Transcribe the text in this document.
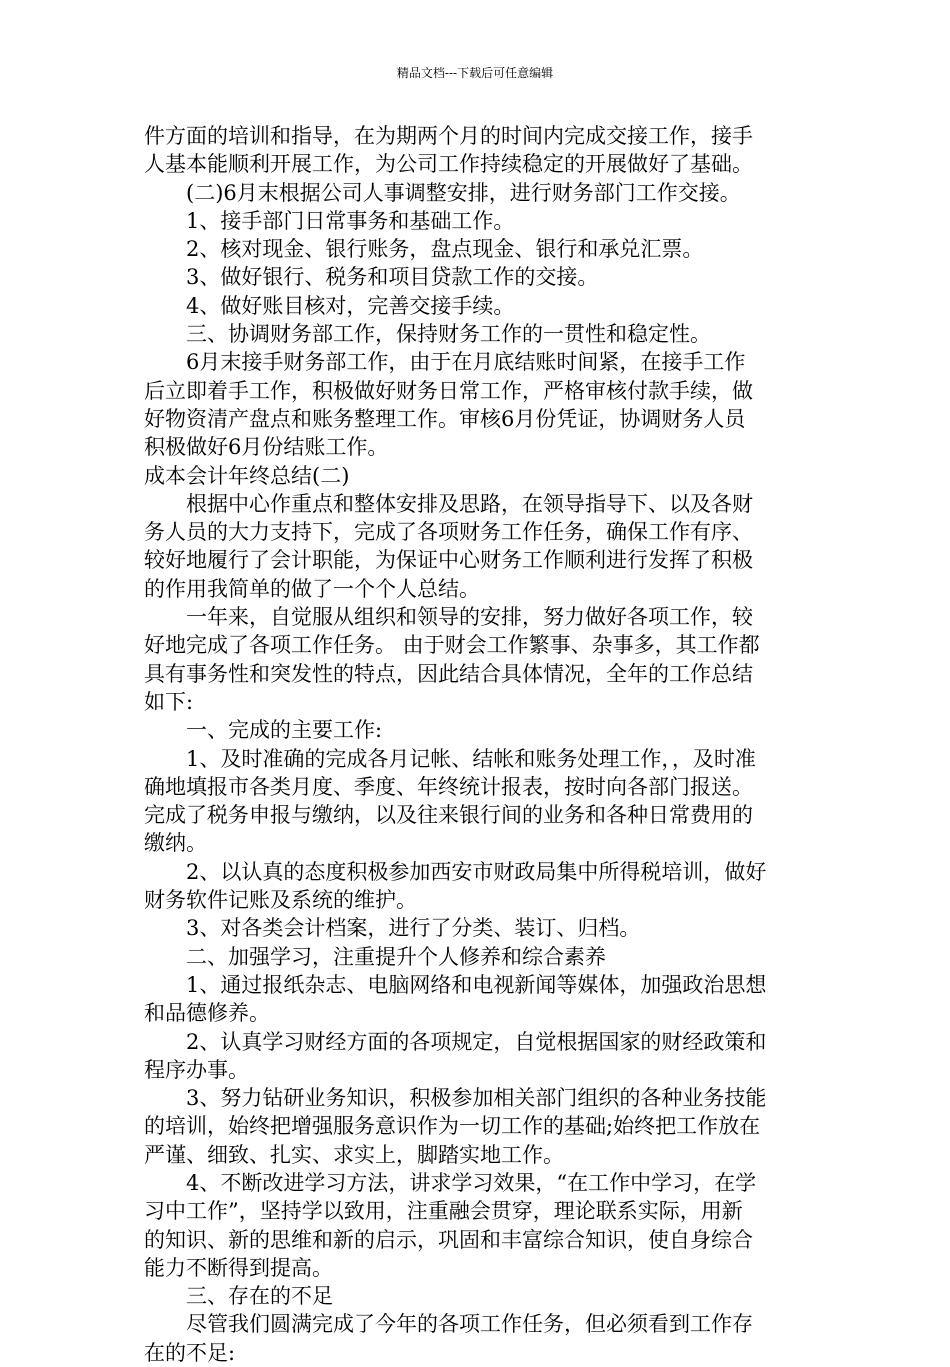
精品文档---下载后可任意编辑
件方面的培训和指导，在为期两个月的时间内完成交接工作，接手
人基本能顺利开展工作，为公司工作持续稳定的开展做好了基础。
(二)6月末根据公司人事调整安排，进行财务部门工作交接。
1、接手部门日常事务和基础工作。
2、核对现金、银行账务，盘点现金、银行和承兑汇票。
3、做好银行、税务和项目贷款工作的交接。
4、做好账目核对，完善交接手续。
三、协调财务部工作，保持财务工作的一贯性和稳定性。
6月末接手财务部工作，由于在月底结账时间紧，在接手工作
后立即着手工作，积极做好财务日常工作，严格审核付款手续，做
好物资清产盘点和账务整理工作。审核6月份凭证，协调财务人员
积极做好6月份结账工作。
成本会计年终总结(二)
根据中心作重点和整体安排及思路，在领导指导下、以及各财
务人员的大力支持下，完成了各项财务工作任务，确保工作有序、
较好地履行了会计职能，为保证中心财务工作顺利进行发挥了积极
的作用我简单的做了一个个人总结。
一年来，自觉服从组织和领导的安排，努力做好各项工作，较
好地完成了各项工作任务。 由于财会工作繁事、杂事多，其工作都
具有事务性和突发性的特点，因此结合具体情况，全年的工作总结
如下:
一、完成的主要工作:
1、及时准确的完成各月记帐、结帐和账务处理工作，，及时准
确地填报市各类月度、季度、年终统计报表，按时向各部门报送。
完成了税务申报与缴纳，以及往来银行间的业务和各种日常费用的
缴纳。
2、以认真的态度积极参加西安市财政局集中所得税培训，做好
财务软件记账及系统的维护。
3、对各类会计档案，进行了分类、装订、归档。
二、加强学习，注重提升个人修养和综合素养
1、通过报纸杂志、电脑网络和电视新闻等媒体，加强政治思想
和品德修养。
2、认真学习财经方面的各项规定，自觉根据国家的财经政策和
程序办事。
3、努力钻研业务知识，积极参加相关部门组织的各种业务技能
的培训，始终把增强服务意识作为一切工作的基础;始终把工作放在
严谨、细致、扎实、求实上，脚踏实地工作。
4、不断改进学习方法，讲求学习效果，“在工作中学习，在学
习中工作”，坚持学以致用，注重融会贯穿，理论联系实际，用新
的知识、新的思维和新的启示，巩固和丰富综合知识，使自身综合
能力不断得到提高。
三、存在的不足
尽管我们圆满完成了今年的各项工作任务，但必须看到工作存
在的不足:
